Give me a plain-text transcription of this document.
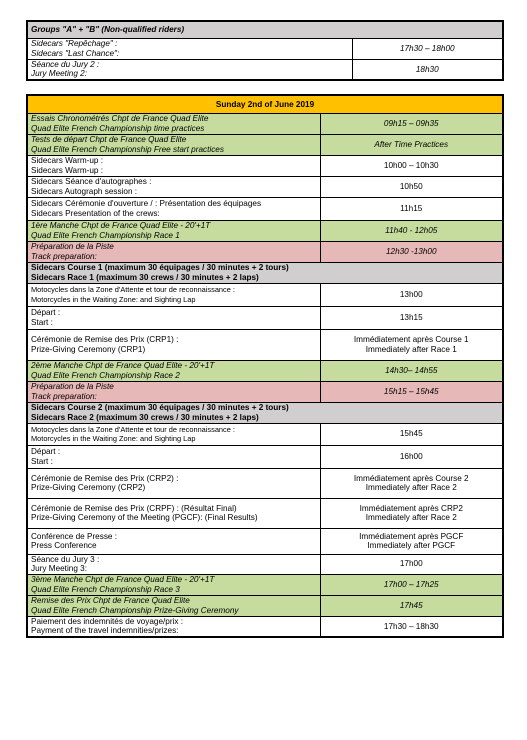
Groups "A" + "B" (Non-qualified riders)	

Sidecars "Repêchage" :
Sidecars "Last Chance":	17h30 – 18h00

Séance du Jury 2 :
Jury Meeting 2:	18h30
Sunday 2nd of June 2019	

Essais Chronométrés Chpt de France Quad Elite
Quad Elite French Championship time practices	09h15 – 09h35

Tests de départ Chpt de France Quad Elite
Quad Elite French Championship Free start practices	After Time Practices

Sidecars Warm-up :
Sidecars Warm-up :	10h00 – 10h30

Sidecars Séance d'autographes :
Sidecars Autograph session :	10h50

Sidecars Cérémonie d'ouverture / : Présentation des équipages
Sidecars Presentation of the crews:	11h15

1ère Manche Chpt de France Quad Elite - 20'+1T
Quad Elite French Championship Race 1	11h40 - 12h05

Préparation de la Piste
Track preparation:	12h30 -13h00

Sidecars Course 1 (maximum 30 équipages / 30 minutes + 2 tours)
Sidecars Race 1 (maximum 30 crews / 30 minutes + 2 laps)	

Motocycles dans la Zone d'Attente et tour de reconnaissance :
Motorcycles in the Waiting Zone: and Sighting Lap	13h00

Départ :
Start :	13h15

Cérémonie de Remise des Prix (CRP1) :
Prize-Giving Ceremony (CRP1)	Immédiatement après Course 1
Immediately after Race 1

2ème Manche Chpt de France Quad Elite - 20'+1T
Quad Elite French Championship Race 2	14h30– 14h55

Préparation de la Piste
Track preparation:	15h15 – 15h45

Sidecars Course 2 (maximum 30 équipages / 30 minutes + 2 tours)
Sidecars Race 2 (maximum 30 crews / 30 minutes + 2 laps)	

Motocycles dans la Zone d'Attente et tour de reconnaissance :
Motorcycles in the Waiting Zone: and Sighting Lap	15h45

Départ :
Start :	16h00

Cérémonie de Remise des Prix (CRP2) :
Prize-Giving Ceremony (CRP2)	Immédiatement après Course 2
Immediately after Race 2

Cérémonie de Remise des Prix (CRPF) : (Résultat Final)
Prize-Giving Ceremony of the Meeting (PGCF): (Final Results)	Immédiatement après CRP2
Immediately after Race 2

Conférence de Presse :
Press Conference	Immédiatement après PGCF
Immediately after PGCF

Séance du Jury 3 :
Jury Meeting 3:	17h00

3ème Manche Chpt de France Quad Elite - 20'+1T
Quad Elite French Championship Race 3	17h00 – 17h25

Remise des Prix Chpt de France Quad Elite
Quad Elite French Championship Prize-Giving Ceremony	17h45

Paiement des indemnités de voyage/prix :
Payment of the travel indemnities/prizes:	17h30 – 18h30
